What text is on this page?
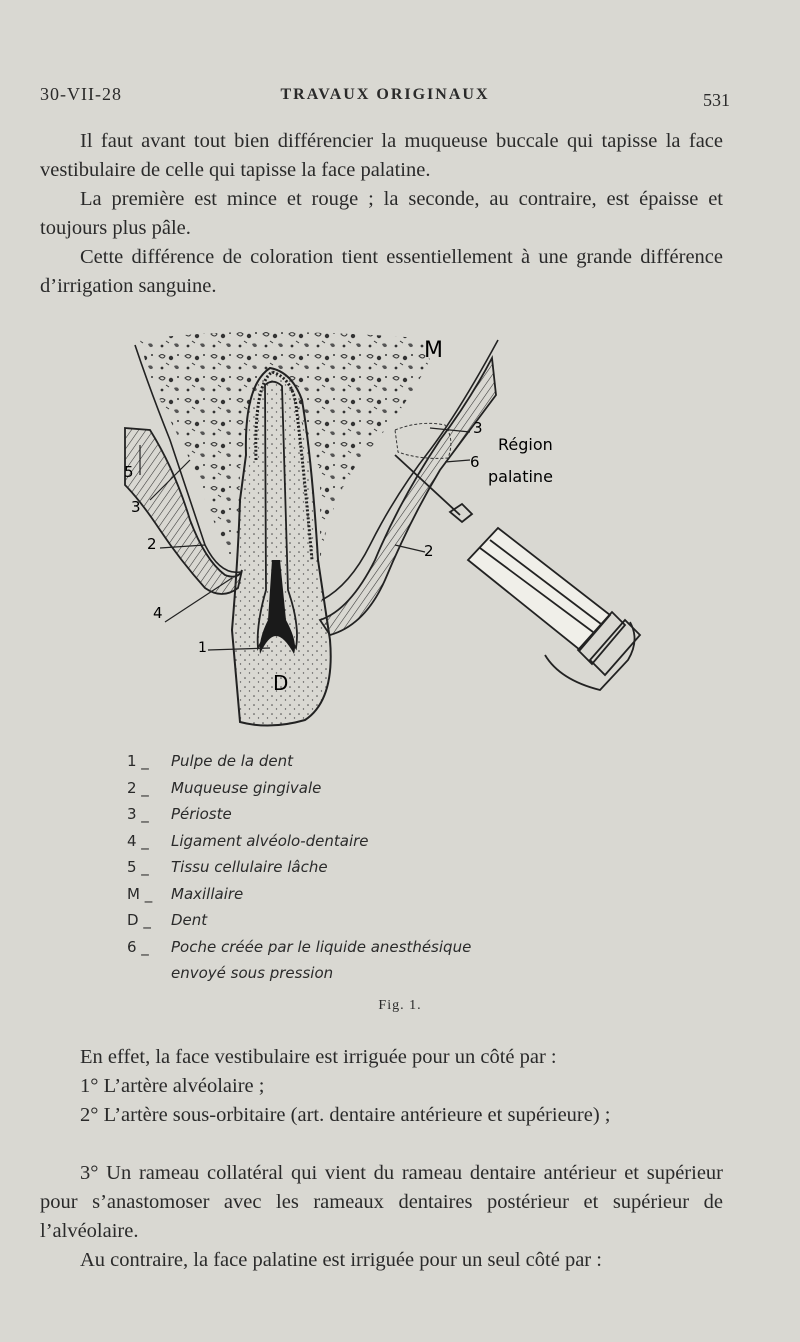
30-VII-28	TRAVAUX ORIGINAUX	531

Il faut avant tout bien différencier la muqueuse buccale qui tapisse la face vestibulaire de celle qui tapisse la face palatine.

La première est mince et rouge ; la seconde, au contraire, est épaisse et toujours plus pâle.

Cette différence de coloration tient essentiellement à une grande différence d’irrigation sanguine.

M
D
1
2	2
3
3
4
5
6
Région
palatine
1 _	Pulpe de la dent
2 _	Muqueuse gingivale
3 _	Périoste
4 _	Ligament alvéolo-dentaire
5 _	Tissu cellulaire lâche
M _	Maxillaire
D _	Dent
6 _	Poche créée par le liquide anesthésique
envoyé sous pression
Fig. 1.

En effet, la face vestibulaire est irriguée pour un côté par :

1° L’artère alvéolaire ;

2° L’artère sous-orbitaire (art. dentaire antérieure et supérieure) ;

3° Un rameau collatéral qui vient du rameau dentaire antérieur et supérieur pour s’anastomoser avec les rameaux dentaires postérieur et supérieur de l’alvéolaire.

Au contraire, la face palatine est irriguée pour un seul côté par :
